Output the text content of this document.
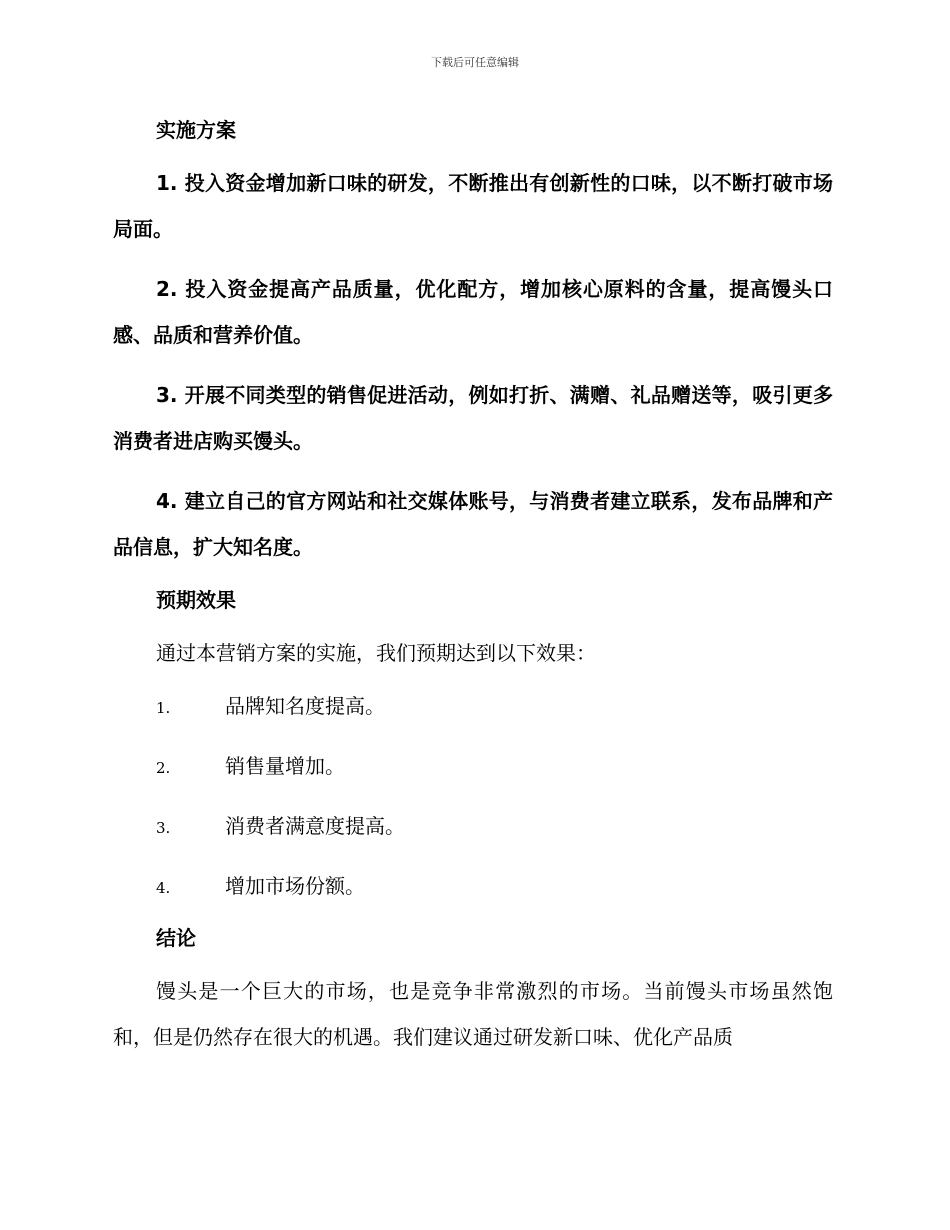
下载后可任意编辑
实施方案

1. 投入资金增加新口味的研发，不断推出有创新性的口味，以不断打破市场局面。

2. 投入资金提高产品质量，优化配方，增加核心原料的含量，提高馒头口感、品质和营养价值。

3. 开展不同类型的销售促进活动，例如打折、满赠、礼品赠送等，吸引更多消费者进店购买馒头。

4. 建立自己的官方网站和社交媒体账号，与消费者建立联系，发布品牌和产品信息，扩大知名度。

预期效果

通过本营销方案的实施，我们预期达到以下效果：

1.	品牌知名度提高。
2.	销售量增加。
3.	消费者满意度提高。
4.	增加市场份额。
结论

馒头是一个巨大的市场，也是竞争非常激烈的市场。当前馒头市场虽然饱和，但是仍然存在很大的机遇。我们建议通过研发新口味、优化产品质
